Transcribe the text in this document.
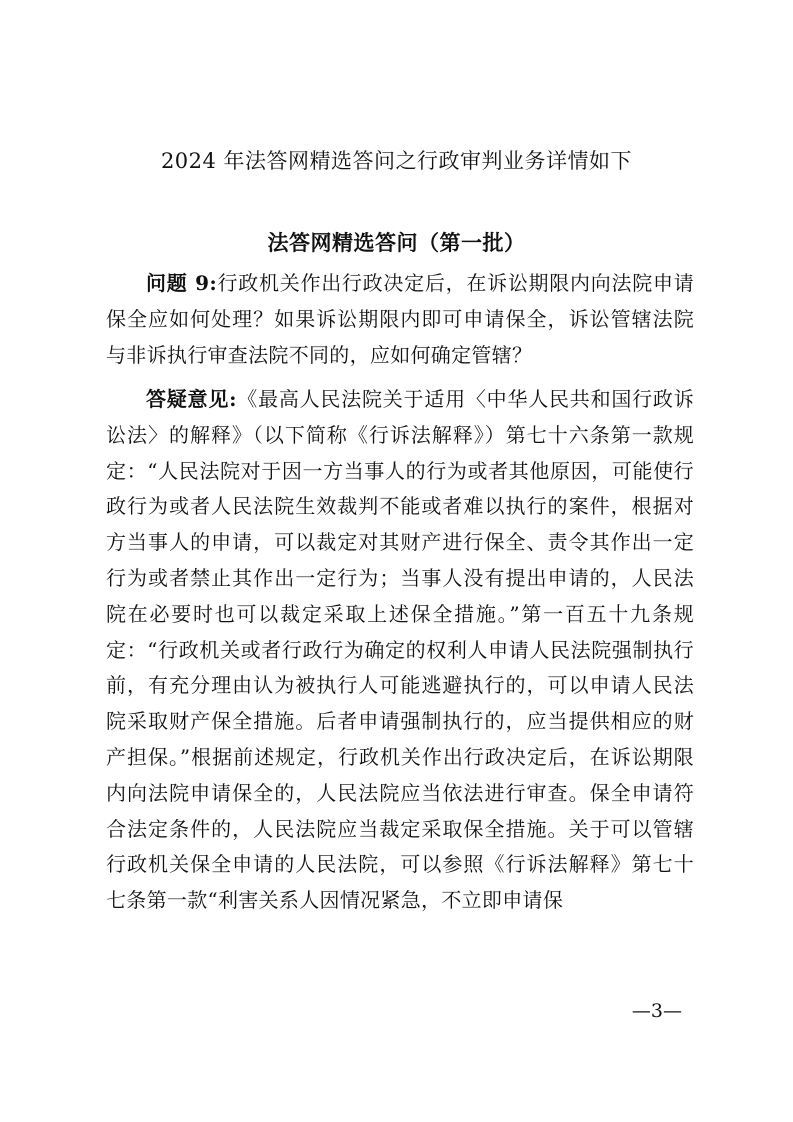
2024 年法答网精选答问之行政审判业务详情如下
法答网精选答问（第一批）

问题 9:行政机关作出行政决定后，在诉讼期限内向法院申请保全应如何处理？如果诉讼期限内即可申请保全，诉讼管辖法院与非诉执行审查法院不同的，应如何确定管辖？

答疑意见:《最高人民法院关于适用〈中华人民共和国行政诉讼法〉的解释》（以下简称《行诉法解释》）第七十六条第一款规定：“人民法院对于因一方当事人的行为或者其他原因，可能使行政行为或者人民法院生效裁判不能或者难以执行的案件，根据对方当事人的申请，可以裁定对其财产进行保全、责令其作出一定行为或者禁止其作出一定行为；当事人没有提出申请的，人民法院在必要时也可以裁定采取上述保全措施。”第一百五十九条规定：“行政机关或者行政行为确定的权利人申请人民法院强制执行前，有充分理由认为被执行人可能逃避执行的，可以申请人民法院采取财产保全措施。后者申请强制执行的，应当提供相应的财产担保。”根据前述规定，行政机关作出行政决定后，在诉讼期限内向法院申请保全的，人民法院应当依法进行审查。保全申请符合法定条件的，人民法院应当裁定采取保全措施。关于可以管辖行政机关保全申请的人民法院，可以参照《行诉法解释》第七十七条第一款“利害关系人因情况紧急，不立即申请保

—3—
